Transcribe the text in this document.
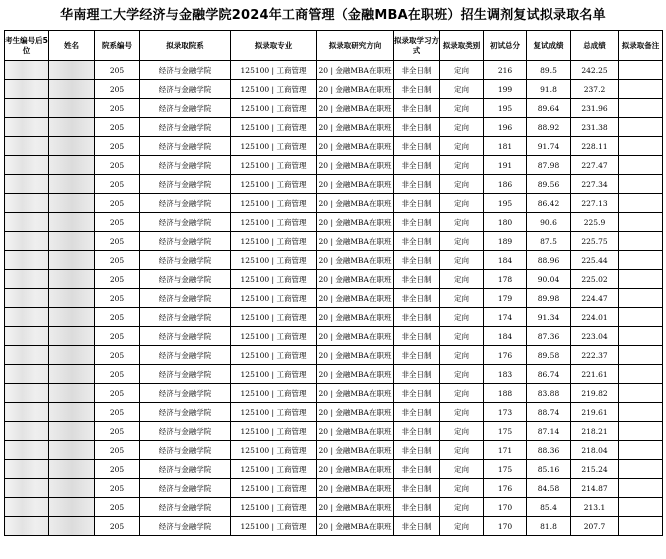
华南理工大学经济与金融学院2024年工商管理（金融MBA在职班）招生调剂复试拟录取名单
考生编号后5位	姓名	院系编号	拟录取院系	拟录取专业	拟录取研究方向	拟录取学习方式	拟录取类别	初试总分	复试成绩	总成绩	拟录取备注
		205	经济与金融学院	125100 | 工商管理	20 | 金融MBA在职班	非全日制	定向	216	89.5	242.25	
		205	经济与金融学院	125100 | 工商管理	20 | 金融MBA在职班	非全日制	定向	199	91.8	237.2	
		205	经济与金融学院	125100 | 工商管理	20 | 金融MBA在职班	非全日制	定向	195	89.64	231.96	
		205	经济与金融学院	125100 | 工商管理	20 | 金融MBA在职班	非全日制	定向	196	88.92	231.38	
		205	经济与金融学院	125100 | 工商管理	20 | 金融MBA在职班	非全日制	定向	181	91.74	228.11	
		205	经济与金融学院	125100 | 工商管理	20 | 金融MBA在职班	非全日制	定向	191	87.98	227.47	
		205	经济与金融学院	125100 | 工商管理	20 | 金融MBA在职班	非全日制	定向	186	89.56	227.34	
		205	经济与金融学院	125100 | 工商管理	20 | 金融MBA在职班	非全日制	定向	195	86.42	227.13	
		205	经济与金融学院	125100 | 工商管理	20 | 金融MBA在职班	非全日制	定向	180	90.6	225.9	
		205	经济与金融学院	125100 | 工商管理	20 | 金融MBA在职班	非全日制	定向	189	87.5	225.75	
		205	经济与金融学院	125100 | 工商管理	20 | 金融MBA在职班	非全日制	定向	184	88.96	225.44	
		205	经济与金融学院	125100 | 工商管理	20 | 金融MBA在职班	非全日制	定向	178	90.04	225.02	
		205	经济与金融学院	125100 | 工商管理	20 | 金融MBA在职班	非全日制	定向	179	89.98	224.47	
		205	经济与金融学院	125100 | 工商管理	20 | 金融MBA在职班	非全日制	定向	174	91.34	224.01	
		205	经济与金融学院	125100 | 工商管理	20 | 金融MBA在职班	非全日制	定向	184	87.36	223.04	
		205	经济与金融学院	125100 | 工商管理	20 | 金融MBA在职班	非全日制	定向	176	89.58	222.37	
		205	经济与金融学院	125100 | 工商管理	20 | 金融MBA在职班	非全日制	定向	183	86.74	221.61	
		205	经济与金融学院	125100 | 工商管理	20 | 金融MBA在职班	非全日制	定向	188	83.88	219.82	
		205	经济与金融学院	125100 | 工商管理	20 | 金融MBA在职班	非全日制	定向	173	88.74	219.61	
		205	经济与金融学院	125100 | 工商管理	20 | 金融MBA在职班	非全日制	定向	175	87.14	218.21	
		205	经济与金融学院	125100 | 工商管理	20 | 金融MBA在职班	非全日制	定向	171	88.36	218.04	
		205	经济与金融学院	125100 | 工商管理	20 | 金融MBA在职班	非全日制	定向	175	85.16	215.24	
		205	经济与金融学院	125100 | 工商管理	20 | 金融MBA在职班	非全日制	定向	176	84.58	214.87	
		205	经济与金融学院	125100 | 工商管理	20 | 金融MBA在职班	非全日制	定向	170	85.4	213.1	
		205	经济与金融学院	125100 | 工商管理	20 | 金融MBA在职班	非全日制	定向	170	81.8	207.7	
